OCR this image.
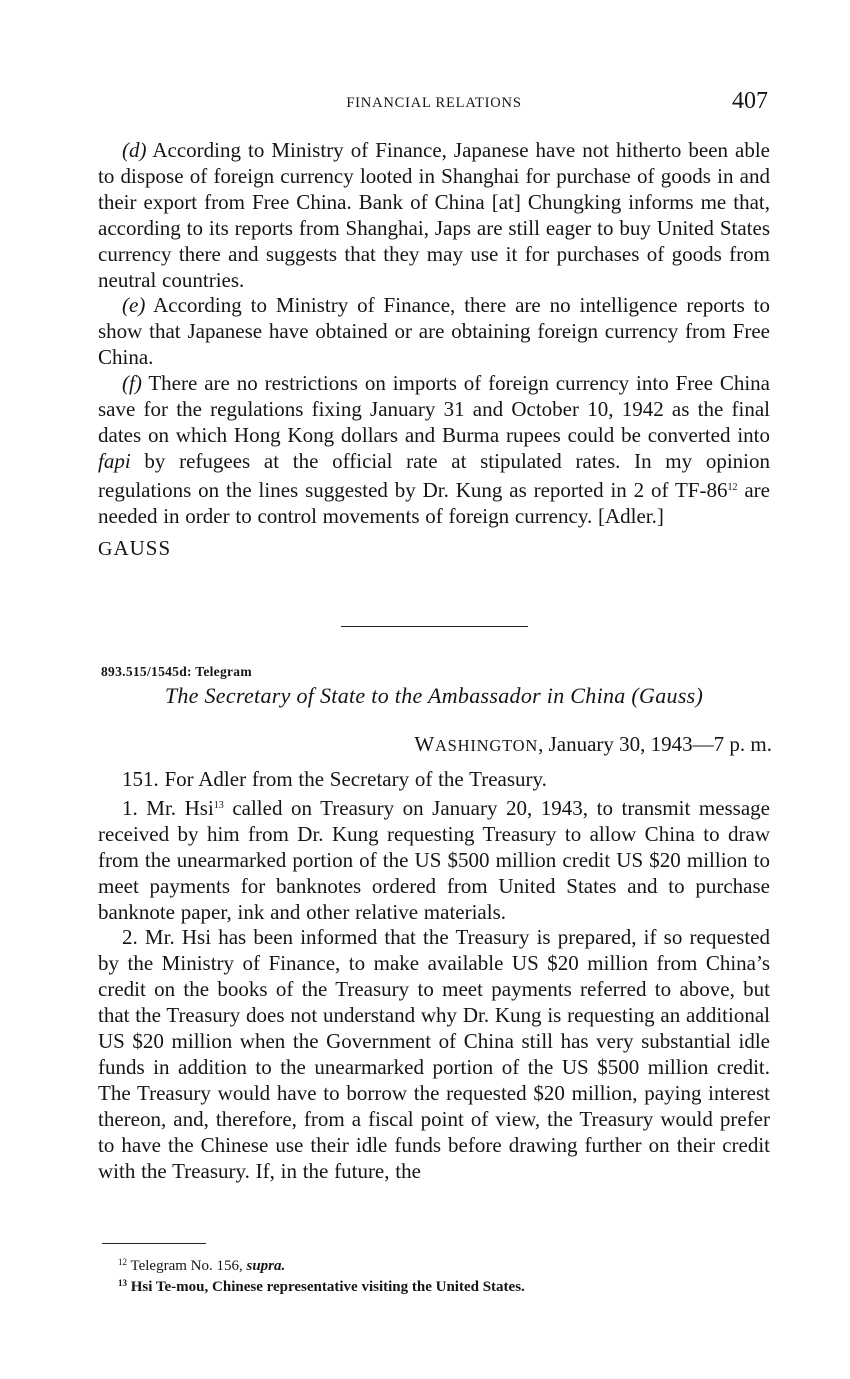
FINANCIAL RELATIONS	407

(d) According to Ministry of Finance, Japanese have not hitherto been able to dispose of foreign currency looted in Shanghai for purchase of goods in and their export from Free China. Bank of China [at] Chungking informs me that, according to its reports from Shanghai, Japs are still eager to buy United States currency there and suggests that they may use it for purchases of goods from neutral countries.

(e) According to Ministry of Finance, there are no intelligence reports to show that Japanese have obtained or are obtaining foreign currency from Free China.

(f) There are no restrictions on imports of foreign currency into Free China save for the regulations fixing January 31 and October 10, 1942 as the final dates on which Hong Kong dollars and Burma rupees could be converted into fapi by refugees at the official rate at stipulated rates. In my opinion regulations on the lines suggested by Dr. Kung as reported in 2 of TF-86$^{12}$ are needed in order to control movements of foreign currency. [Adler.]

GAUSS

893.515/1545d: Telegram
The Secretary of State to the Ambassador in China (Gauss)
WASHINGTON, January 30, 1943—7 p. m.

151. For Adler from the Secretary of the Treasury.

1. Mr. Hsi$^{13}$ called on Treasury on January 20, 1943, to transmit message received by him from Dr. Kung requesting Treasury to allow China to draw from the unearmarked portion of the US $500 million credit US $20 million to meet payments for banknotes ordered from United States and to purchase banknote paper, ink and other relative materials.

2. Mr. Hsi has been informed that the Treasury is prepared, if so requested by the Ministry of Finance, to make available US $20 million from China’s credit on the books of the Treasury to meet payments referred to above, but that the Treasury does not understand why Dr. Kung is requesting an additional US $20 million when the Government of China still has very substantial idle funds in addition to the unearmarked portion of the US $500 million credit. The Treasury would have to borrow the requested $20 million, paying interest thereon, and, therefore, from a fiscal point of view, the Treasury would prefer to have the Chinese use their idle funds before drawing further on their credit with the Treasury. If, in the future, the

$^{12}$ Telegram No. 156, supra.
$^{13}$ Hsi Te-mou, Chinese representative visiting the United States.
